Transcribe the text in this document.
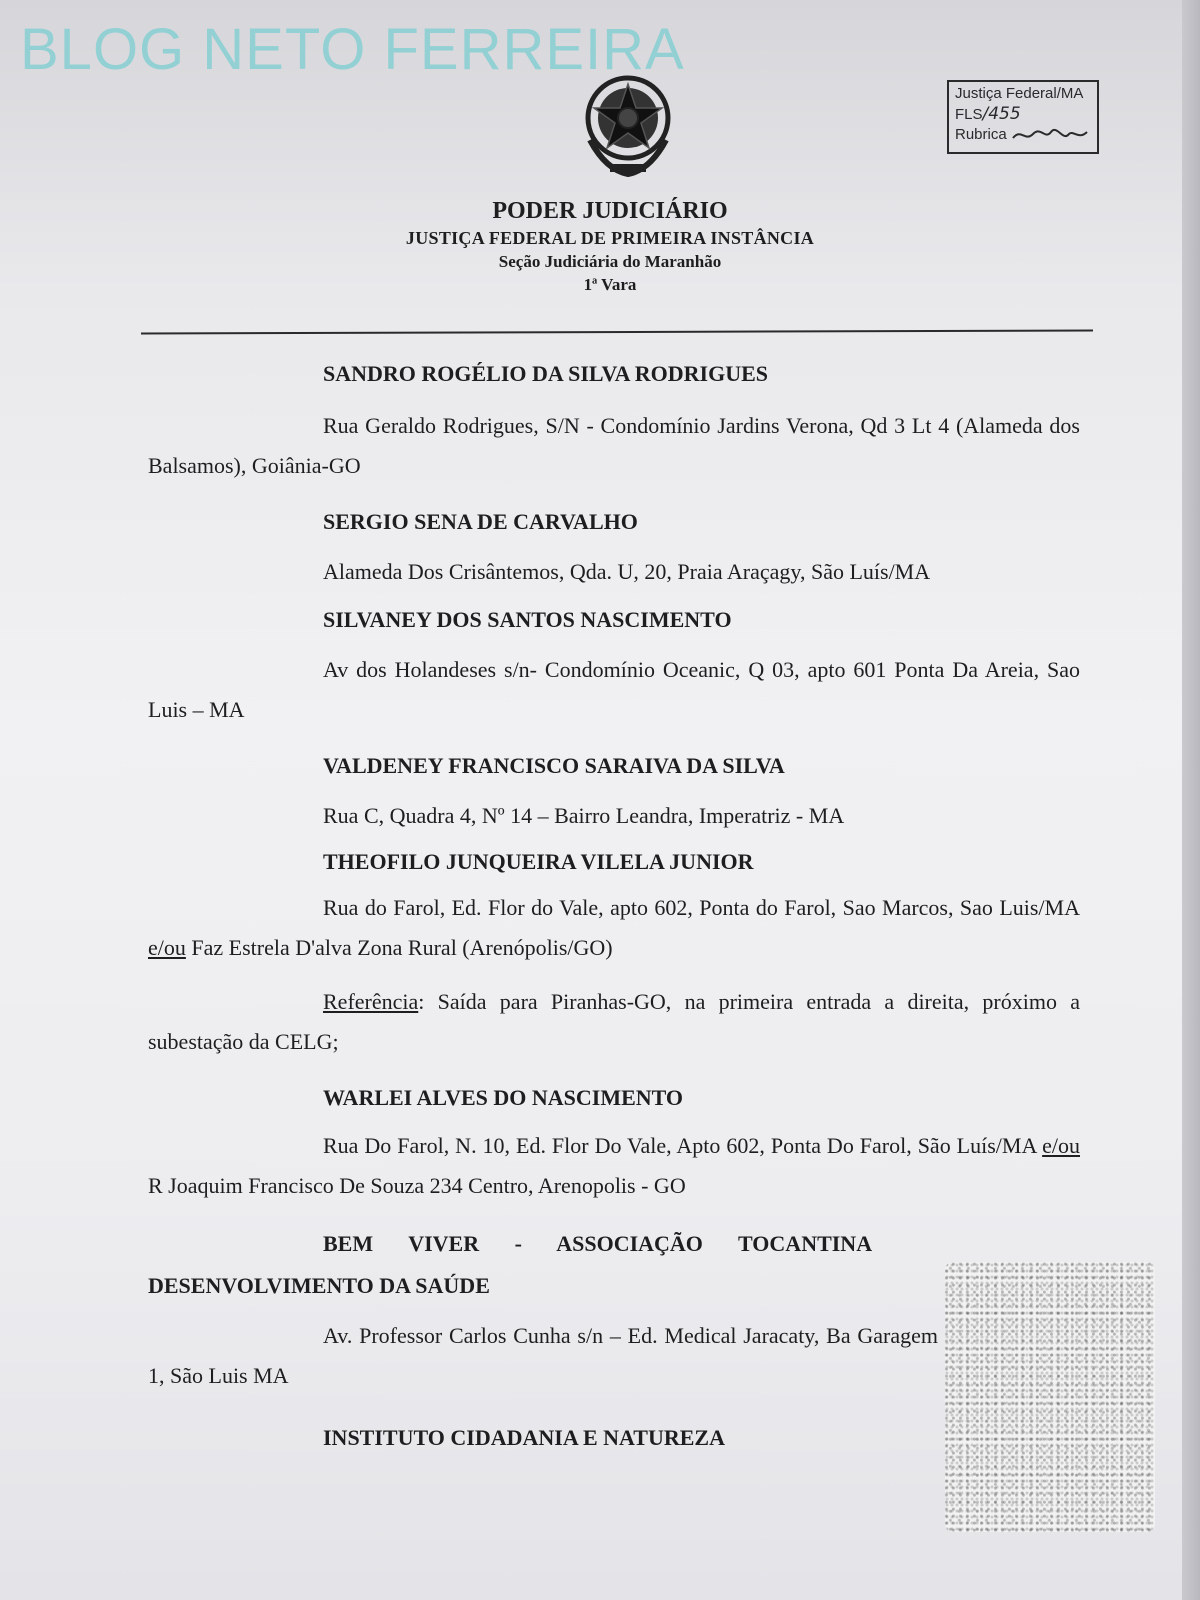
BLOG NETO FERREIRA
Justiça Federal/MA
FLS/455
Rubrica
PODER JUDICIÁRIO
JUSTIÇA FEDERAL DE PRIMEIRA INSTÂNCIA
Seção Judiciária do Maranhão
1ª Vara

SANDRO ROGÉLIO DA SILVA RODRIGUES

Rua Geraldo Rodrigues, S/N - Condomínio Jardins Verona, Qd 3 Lt 4 (Alameda dos Balsamos), Goiânia-GO

SERGIO SENA DE CARVALHO

Alameda Dos Crisântemos, Qda. U, 20, Praia Araçagy, São Luís/MA

SILVANEY DOS SANTOS NASCIMENTO

Av dos Holandeses s/n- Condomínio Oceanic, Q 03, apto 601 Ponta Da Areia, Sao Luis – MA

VALDENEY FRANCISCO SARAIVA DA SILVA

Rua C, Quadra 4, Nº 14 – Bairro Leandra, Imperatriz - MA

THEOFILO JUNQUEIRA VILELA JUNIOR

Rua do Farol, Ed. Flor do Vale, apto 602, Ponta do Farol, Sao Marcos, Sao Luis/MA e/ou Faz Estrela D'alva Zona Rural (Arenópolis/GO)

Referência: Saída para Piranhas-GO, na primeira entrada a direita, próximo a subestação da CELG;

WARLEI ALVES DO NASCIMENTO

Rua Do Farol, N. 10, Ed. Flor Do Vale, Apto 602, Ponta Do Farol, São Luís/MA e/ou R Joaquim Francisco De Souza 234 Centro, Arenopolis - GO

BEM VIVER - ASSOCIAÇÃO TOCANTINA

DESENVOLVIMENTO DA SAÚDE

Av. Professor Carlos Cunha s/n – Ed. Medical Jaracaty, Ba Garagem 1, São Luis MA

INSTITUTO CIDADANIA E NATUREZA
